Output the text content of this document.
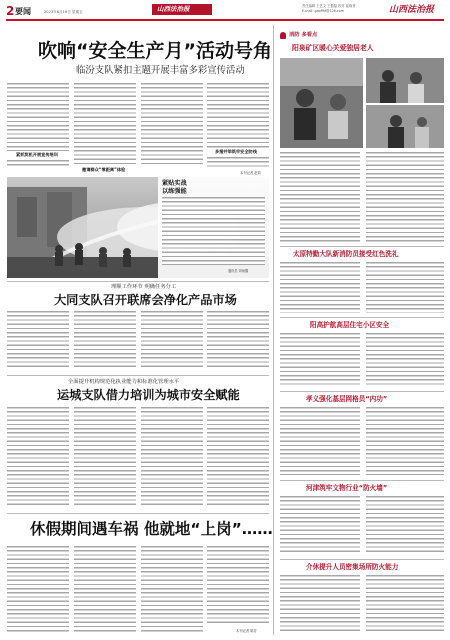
2 要闻	2023年6月16日 星期五	山西法治报	责任编辑 王艺文 王磊磊 校对 崔晓青
E-mail: gaoffhf@126.com	山西法治报
吹响“安全生产月”活动号角
临汾支队紧扣主题开展丰富多彩宣传活动
紧抓契机开展宣传培训
邀请群众“零距离”体验
多措并举筑牢安全防线
本刊记者 赵菊
紧贴实战
以练强能
通讯员 刘雨馨
理顺工作环节 明确任务分工
大同支队召开联席会净化产品市场
全面提升机构规范化执业能力和标准化管理水平
运城支队借力培训为城市安全赋能
休假期间遇车祸 他就地“上岗”……
本刊记者 陈芳
消防 多看点
阳泉矿区暖心关爱独居老人
太原特勤大队新消防员接受红色洗礼
阳高护航高层住宅小区安全
孝义强化基层网格员“内功”
河津筑牢文物行业“防火墙”
介休提升人员密集场所防火能力
